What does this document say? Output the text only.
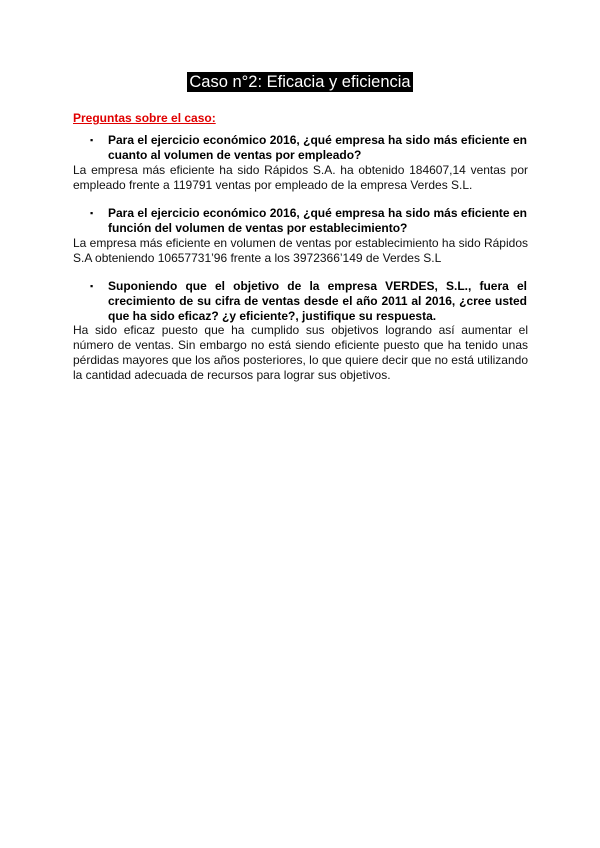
Caso n°2: Eficacia y eficiencia
Preguntas sobre el caso:
▪ Para el ejercicio económico 2016, ¿qué empresa ha sido más eficiente en cuanto al volumen de ventas por empleado?
La empresa más eficiente ha sido Rápidos S.A. ha obtenido 184607,14 ventas por empleado frente a 119791 ventas por empleado de la empresa Verdes S.L.
▪ Para el ejercicio económico 2016, ¿qué empresa ha sido más eficiente en función del volumen de ventas por establecimiento?
La empresa más eficiente en volumen de ventas por establecimiento ha sido Rápidos S.A obteniendo 10657731’96 frente a los 3972366’149 de Verdes S.L
▪ Suponiendo que el objetivo de la empresa VERDES, S.L., fuera el crecimiento de su cifra de ventas desde el año 2011 al 2016, ¿cree usted que ha sido eficaz? ¿y eficiente?, justifique su respuesta.
Ha sido eficaz puesto que ha cumplido sus objetivos logrando así aumentar el número de ventas. Sin embargo no está siendo eficiente puesto que ha tenido unas pérdidas mayores que los años posteriores, lo que quiere decir que no está utilizando la cantidad adecuada de recursos para lograr sus objetivos.
